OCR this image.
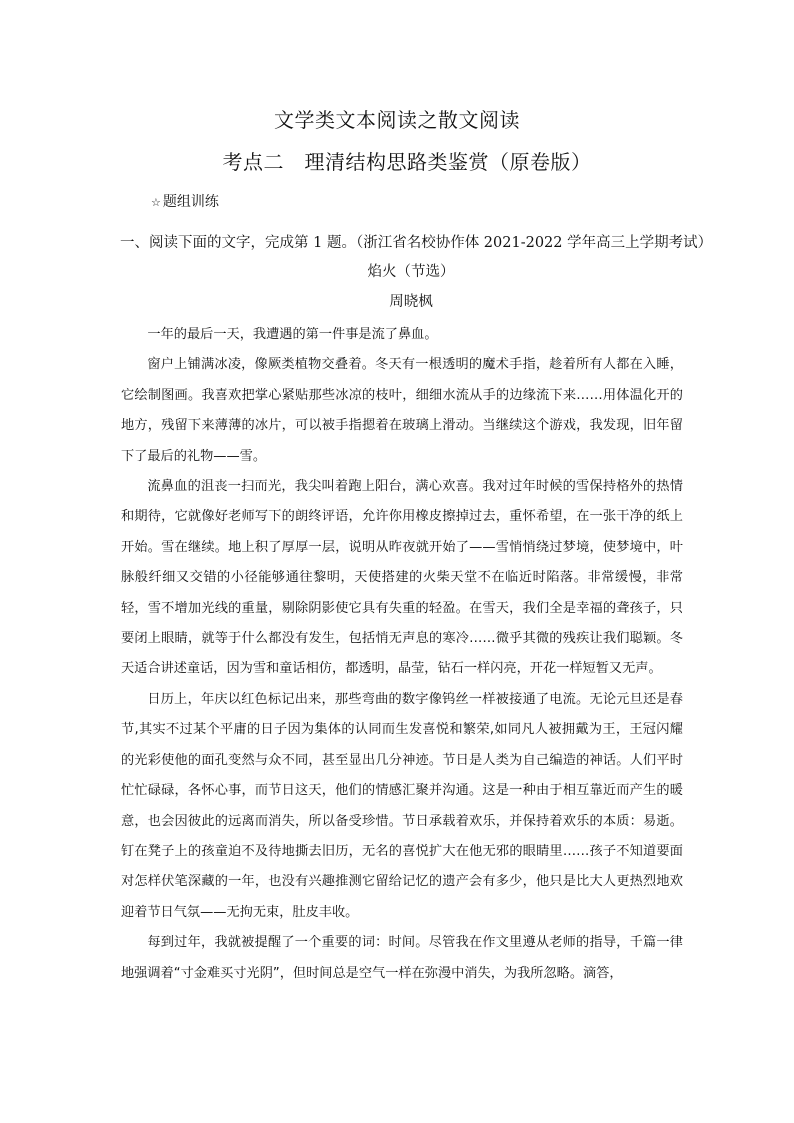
文学类文本阅读之散文阅读
考点二　理清结构思路类鉴赏（原卷版）
☆ 题组训练
一、阅读下面的文字，完成第 1 题。（浙江省名校协作体 2021-2022 学年高三上学期考试）
焰火（节选）
周晓枫

一年的最后一天，我遭遇的第一件事是流了鼻血。

窗户上铺满冰凌，像厥类植物交叠着。冬天有一根透明的魔术手指，趁着所有人都在入睡，它绘制图画。我喜欢把掌心紧贴那些冰凉的枝叶，细细水流从手的边缘流下来……用体温化开的地方，残留下来薄薄的冰片，可以被手指摁着在玻璃上滑动。当继续这个游戏，我发现，旧年留下了最后的礼物——雪。

流鼻血的沮丧一扫而光，我尖叫着跑上阳台，满心欢喜。我对过年时候的雪保持格外的热情和期待，它就像好老师写下的朗终评语，允许你用橡皮擦掉过去，重怀希望，在一张干净的纸上开始。雪在继续。地上积了厚厚一层，说明从昨夜就开始了——雪悄悄绕过梦境，使梦境中，叶脉般纤细又交错的小径能够通往黎明，天使搭建的火柴天堂不在临近时陷落。非常缓慢，非常轻，雪不增加光线的重量，剔除阴影使它具有失重的轻盈。在雪天，我们全是幸福的聋孩子，只要闭上眼睛，就等于什么都没有发生，包括悄无声息的寒冷……微乎其微的残疾让我们聪颖。冬天适合讲述童话，因为雪和童话相仿，都透明，晶莹，钻石一样闪亮，开花一样短暂又无声。

日历上，年庆以红色标记出来，那些弯曲的数字像钨丝一样被接通了电流。无论元旦还是春节,其实不过某个平庸的日子因为集体的认同而生发喜悦和繁荣,如同凡人被拥戴为王，王冠闪耀的光彩使他的面孔变然与众不同，甚至显出几分神迹。节日是人类为自己编造的神话。人们平时忙忙碌碌，各怀心事，而节日这天，他们的情感汇聚并沟通。这是一种由于相互靠近而产生的暖意，也会因彼此的远离而消失，所以备受珍惜。节日承载着欢乐，并保持着欢乐的本质：易逝。钉在凳子上的孩童迫不及待地撕去旧历，无名的喜悦扩大在他无邪的眼睛里……孩子不知道要面对怎样伏笔深藏的一年，也没有兴趣推测它留给记忆的遗产会有多少，他只是比大人更热烈地欢迎着节日气氛——无拘无束，肚皮丰收。

每到过年，我就被提醒了一个重要的词：时间。尽管我在作文里遵从老师的指导，千篇一律地强调着“寸金难买寸光阴”，但时间总是空气一样在弥漫中消失，为我所忽略。滴答，
